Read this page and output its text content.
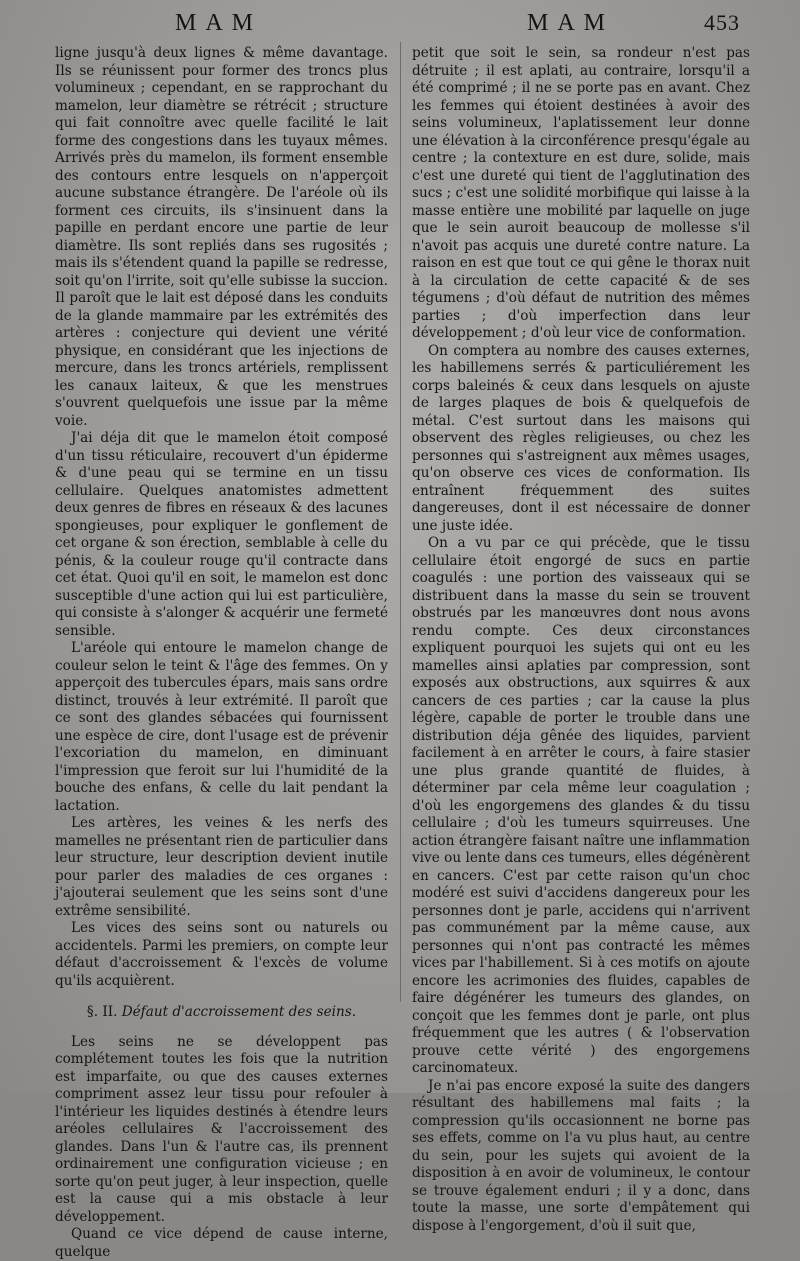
MAM	MAM	453

ligne jusqu'à deux lignes & même davantage. Ils se réunissent pour former des troncs plus volumineux ; cependant, en se rapprochant du mamelon, leur diamètre se rétrécit ; structure qui fait connoître avec quelle facilité le lait forme des congestions dans les tuyaux mêmes. Arrivés près du mamelon, ils forment ensemble des contours entre lesquels on n'apperçoit aucune substance étrangère. De l'aréole où ils forment ces circuits, ils s'insinuent dans la papille en perdant encore une partie de leur diamètre. Ils sont repliés dans ses rugosités ; mais ils s'étendent quand la papille se redresse, soit qu'on l'irrite, soit qu'elle subisse la succion. Il paroît que le lait est déposé dans les conduits de la glande mammaire par les extrémités des artères : conjecture qui devient une vérité physique, en considérant que les injections de mercure, dans les troncs artériels, remplissent les canaux laiteux, & que les menstrues s'ouvrent quelquefois une issue par la même voie.

J'ai déja dit que le mamelon étoit composé d'un tissu réticulaire, recouvert d'un épiderme & d'une peau qui se termine en un tissu cellulaire. Quelques anatomistes admettent deux genres de fibres en réseaux & des lacunes spongieuses, pour expliquer le gonflement de cet organe & son érection, semblable à celle du pénis, & la couleur rouge qu'il contracte dans cet état. Quoi qu'il en soit, le mamelon est donc susceptible d'une action qui lui est particulière, qui consiste à s'alonger & acquérir une fermeté sensible.

L'aréole qui entoure le mamelon change de couleur selon le teint & l'âge des femmes. On y apperçoit des tubercules épars, mais sans ordre distinct, trouvés à leur extrémité. Il paroît que ce sont des glandes sébacées qui fournissent une espèce de cire, dont l'usage est de prévenir l'excoriation du mamelon, en diminuant l'impression que feroit sur lui l'humidité de la bouche des enfans, & celle du lait pendant la lactation.

Les artères, les veines & les nerfs des mamelles ne présentant rien de particulier dans leur structure, leur description devient inutile pour parler des maladies de ces organes : j'ajouterai seulement que les seins sont d'une extrême sensibilité.

Les vices des seins sont ou naturels ou accidentels. Parmi les premiers, on compte leur défaut d'accroissement & l'excès de volume qu'ils acquièrent.

§. II. Défaut d'accroissement des seins.

Les seins ne se développent pas complétement toutes les fois que la nutrition est imparfaite, ou que des causes externes compriment assez leur tissu pour refouler à l'intérieur les liquides destinés à étendre leurs aréoles cellulaires & l'accroissement des glandes. Dans l'un & l'autre cas, ils prennent ordinairement une configuration vicieuse ; en sorte qu'on peut juger, à leur inspection, quelle est la cause qui a mis obstacle à leur développement.

Quand ce vice dépend de cause interne, quelque

petit que soit le sein, sa rondeur n'est pas détruite ; il est aplati, au contraire, lorsqu'il a été comprimé ; il ne se porte pas en avant. Chez les femmes qui étoient destinées à avoir des seins volumineux, l'aplatissement leur donne une élévation à la circonférence presqu'égale au centre ; la contexture en est dure, solide, mais c'est une dureté qui tient de l'agglutination des sucs ; c'est une solidité morbifique qui laisse à la masse entière une mobilité par laquelle on juge que le sein auroit beaucoup de mollesse s'il n'avoit pas acquis une dureté contre nature. La raison en est que tout ce qui gêne le thorax nuit à la circulation de cette capacité & de ses tégumens ; d'où défaut de nutrition des mêmes parties ; d'où imperfection dans leur développement ; d'où leur vice de conformation.

On comptera au nombre des causes externes, les habillemens serrés & particuliérement les corps baleinés & ceux dans lesquels on ajuste de larges plaques de bois & quelquefois de métal. C'est surtout dans les maisons qui observent des règles religieuses, ou chez les personnes qui s'astreignent aux mêmes usages, qu'on observe ces vices de conformation. Ils entraînent fréquemment des suites dangereuses, dont il est nécessaire de donner une juste idée.

On a vu par ce qui précède, que le tissu cellulaire étoit engorgé de sucs en partie coagulés : une portion des vaisseaux qui se distribuent dans la masse du sein se trouvent obstrués par les manœuvres dont nous avons rendu compte. Ces deux circonstances expliquent pourquoi les sujets qui ont eu les mamelles ainsi aplaties par compression, sont exposés aux obstructions, aux squirres & aux cancers de ces parties ; car la cause la plus légère, capable de porter le trouble dans une distribution déja gênée des liquides, parvient facilement à en arrêter le cours, à faire stasier une plus grande quantité de fluides, à déterminer par cela même leur coagulation ; d'où les engorgemens des glandes & du tissu cellulaire ; d'où les tumeurs squirreuses. Une action étrangère faisant naître une inflammation vive ou lente dans ces tumeurs, elles dégénèrent en cancers. C'est par cette raison qu'un choc modéré est suivi d'accidens dangereux pour les personnes dont je parle, accidens qui n'arrivent pas communément par la même cause, aux personnes qui n'ont pas contracté les mêmes vices par l'habillement. Si à ces motifs on ajoute encore les acrimonies des fluides, capables de faire dégénérer les tumeurs des glandes, on conçoit que les femmes dont je parle, ont plus fréquemment que les autres ( & l'observation prouve cette vérité ) des engorgemens carcinomateux.

Je n'ai pas encore exposé la suite des dangers résultant des habillemens mal faits ; la compression qu'ils occasionnent ne borne pas ses effets, comme on l'a vu plus haut, au centre du sein, pour les sujets qui avoient de la disposition à en avoir de volumineux, le contour se trouve également enduri ; il y a donc, dans toute la masse, une sorte d'empâtement qui dispose à l'engorgement, d'où il suit que,
